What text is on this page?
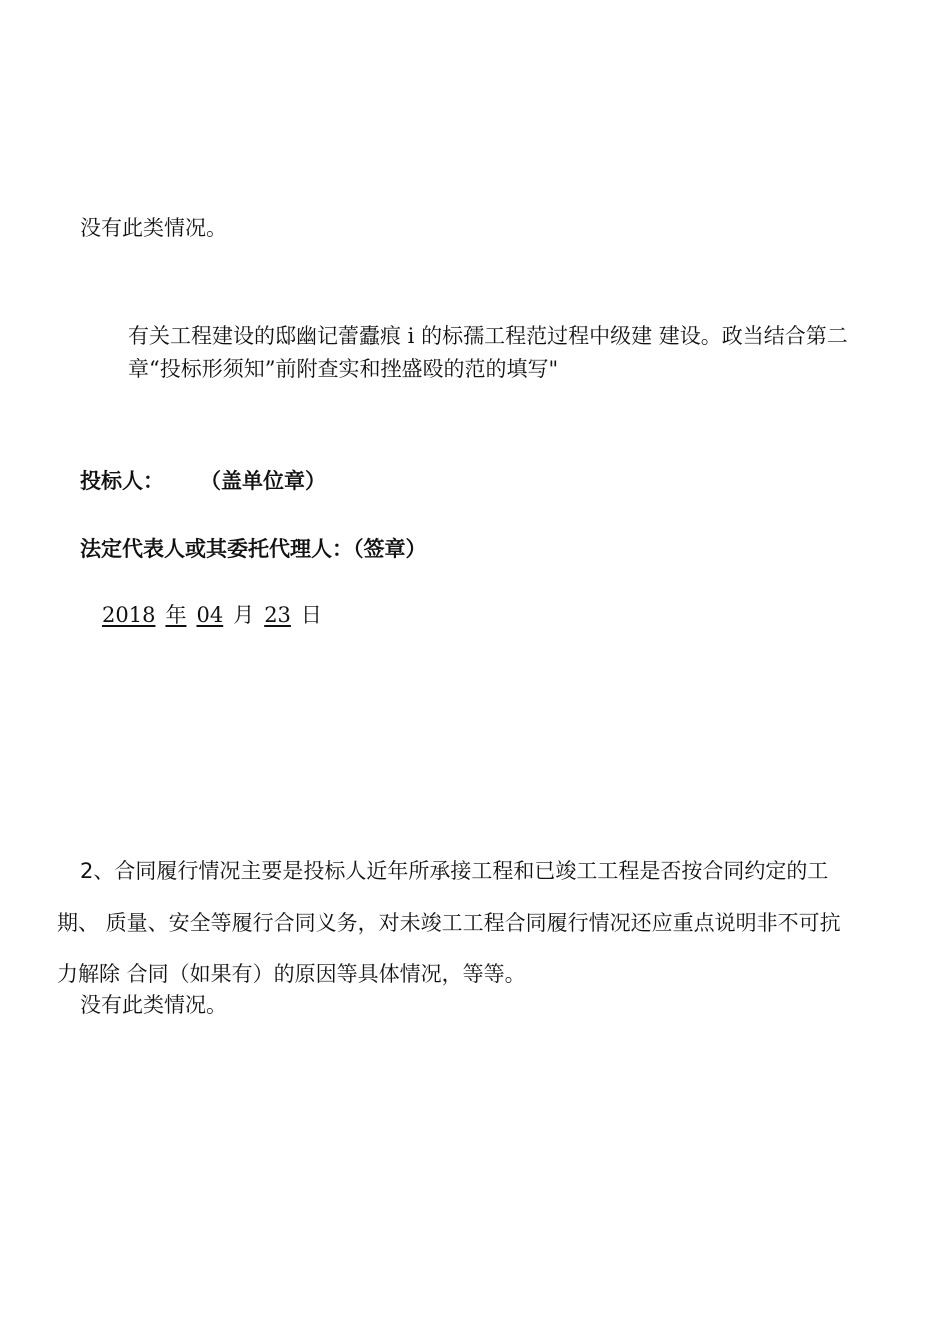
没有此类情况。
有关工程建设的邸幽记蕾蠹痕 i 的标孺工程范过程中级建 建设。政当结合第二
章“投标形须知”前附查实和挫盛殴的范的填写"
投标人： （盖单位章）
法定代表人或其委托代理人：（签章）
2018 年 04 月 23 日
2、合同履行情况主要是投标人近年所承接工程和已竣工工程是否按合同约定的工
期、 质量、安全等履行合同义务，对未竣工工程合同履行情况还应重点说明非不可抗
力解除 合同（如果有）的原因等具体情况，等等。
没有此类情况。
